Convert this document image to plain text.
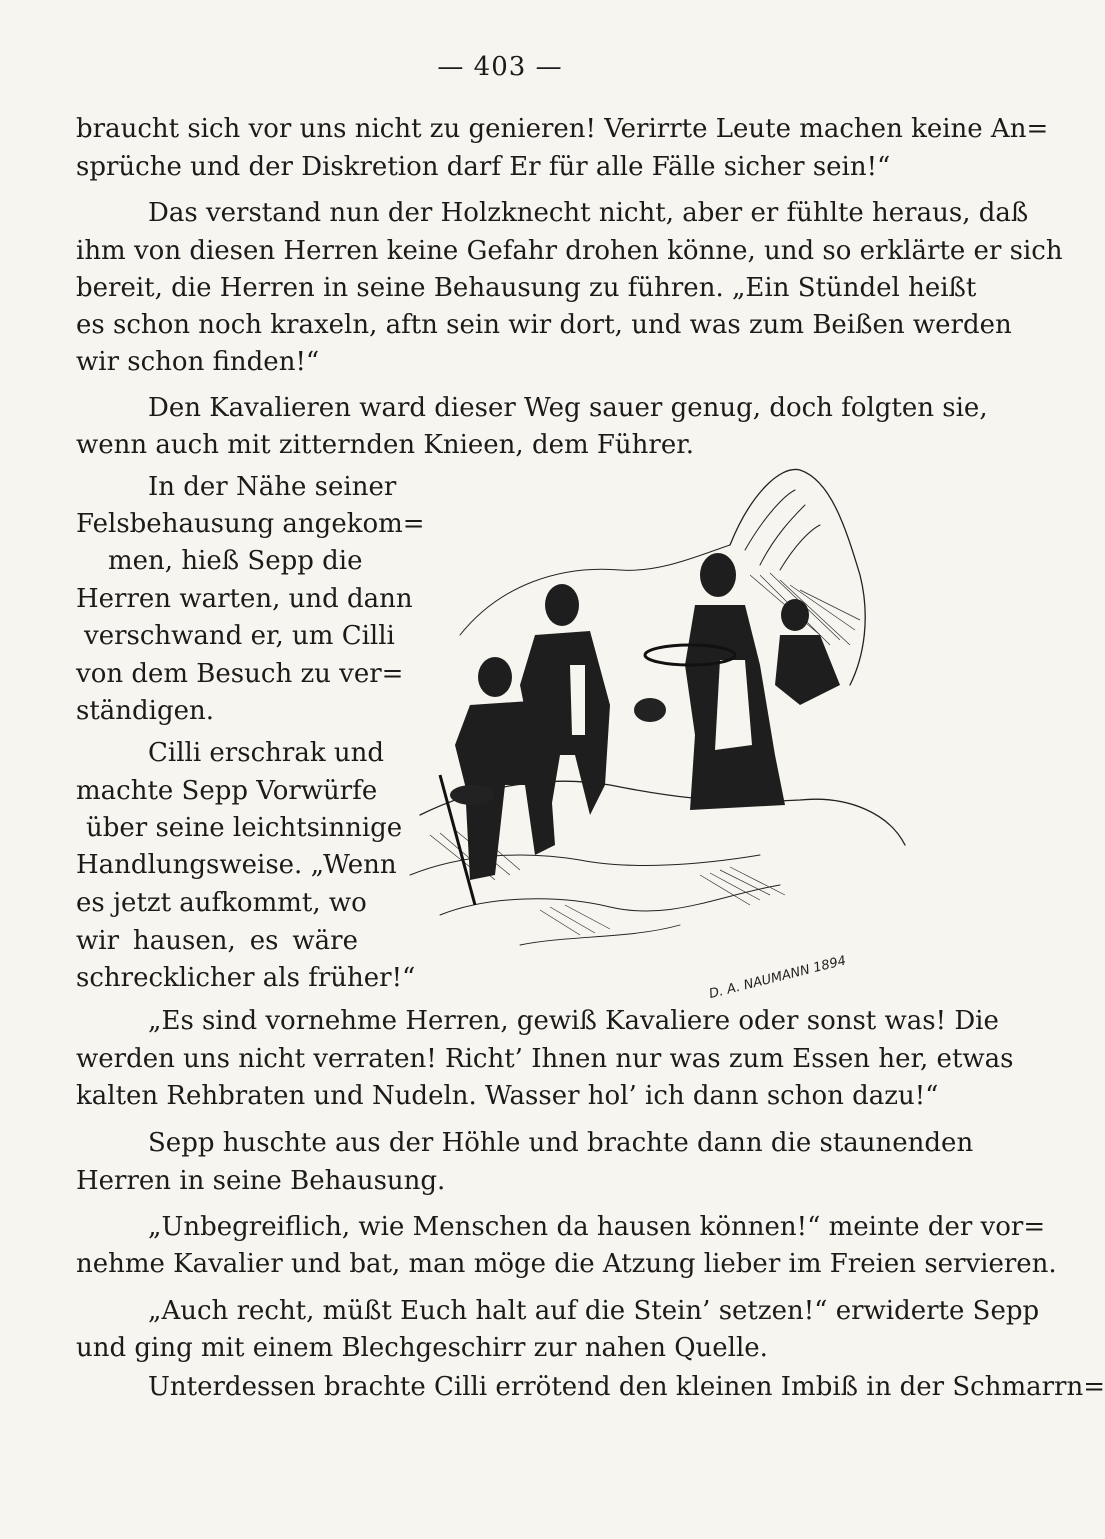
— 403 —
braucht sich vor uns nicht zu genieren! Verirrte Leute machen keine An=
sprüche und der Diskretion darf Er für alle Fälle sicher sein!“
Das verstand nun der Holzknecht nicht, aber er fühlte heraus, daß
ihm von diesen Herren keine Gefahr drohen könne, und so erklärte er sich
bereit, die Herren in seine Behausung zu führen. „Ein Stündel heißt
es schon noch kraxeln, aftn sein wir dort, und was zum Beißen werden
wir schon finden!“
Den Kavalieren ward dieser Weg sauer genug, doch folgten sie,
wenn auch mit zitternden Knieen, dem Führer.
In der Nähe seiner
Felsbehausung angekom=
men, hieß Sepp die
Herren warten, und dann
verschwand er, um Cilli
von dem Besuch zu ver=
ständigen.
Cilli erschrak und
machte Sepp Vorwürfe
über seine leichtsinnige
Handlungsweise. „Wenn
es jetzt aufkommt, wo
wir hausen, es wäre
schrecklicher als früher!“
„Es sind vornehme Herren, gewiß Kavaliere oder sonst was! Die
werden uns nicht verraten! Richt’ Ihnen nur was zum Essen her, etwas
kalten Rehbraten und Nudeln. Wasser hol’ ich dann schon dazu!“
Sepp huschte aus der Höhle und brachte dann die staunenden
Herren in seine Behausung.
„Unbegreiflich, wie Menschen da hausen können!“ meinte der vor=
nehme Kavalier und bat, man möge die Atzung lieber im Freien servieren.
„Auch recht, müßt Euch halt auf die Stein’ setzen!“ erwiderte Sepp
und ging mit einem Blechgeschirr zur nahen Quelle.
Unterdessen brachte Cilli errötend den kleinen Imbiß in der Schmarrn=
D. A. NAUMANN 1894
